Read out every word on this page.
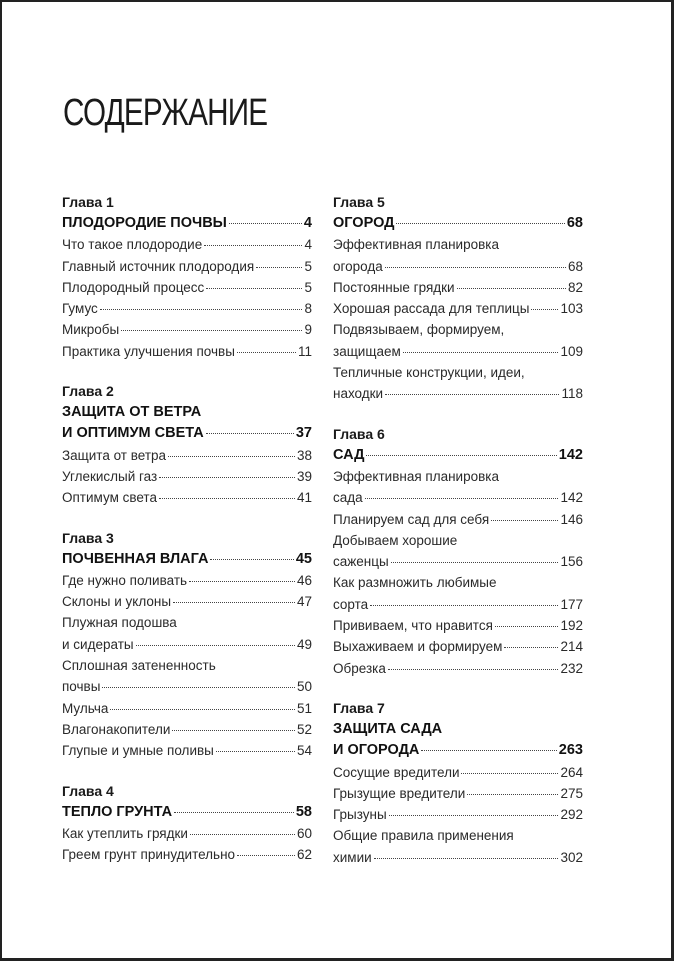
СОДЕРЖАНИЕ
Глава 1
ПЛОДОРОДИЕ ПОЧВЫ	4
Что такое плодородие	4
Главный источник плодородия	5
Плодородный процесс	5
Гумус	8
Микробы	9
Практика улучшения почвы	11
Глава 2
ЗАЩИТА ОТ ВЕТРА
И ОПТИМУМ СВЕТА	37
Защита от ветра	38
Углекислый газ	39
Оптимум света	41
Глава 3
ПОЧВЕННАЯ ВЛАГА	45
Где нужно поливать	46
Склоны и уклоны	47
Плужная подошва
и сидераты	49
Сплошная затененность
почвы	50
Мульча	51
Влагонакопители	52
Глупые и умные поливы	54
Глава 4
ТЕПЛО ГРУНТА	58
Как утеплить грядки	60
Греем грунт принудительно	62
Глава 5
ОГОРОД	68
Эффективная планировка
огорода	68
Постоянные грядки	82
Хорошая рассада для теплицы 103
Подвязываем, формируем,
защищаем	109
Тепличные конструкции, идеи,
находки	118
Глава 6
САД	142
Эффективная планировка
сада	142
Планируем сад для себя	146
Добываем хорошие
саженцы	156
Как размножить любимые
сорта	177
Прививаем, что нравится	192
Выхаживаем и формируем	214
Обрезка	232
Глава 7
ЗАЩИТА САДА
И ОГОРОДА	263
Сосущие вредители	264
Грызущие вредители	275
Грызуны	292
Общие правила применения
химии	302
